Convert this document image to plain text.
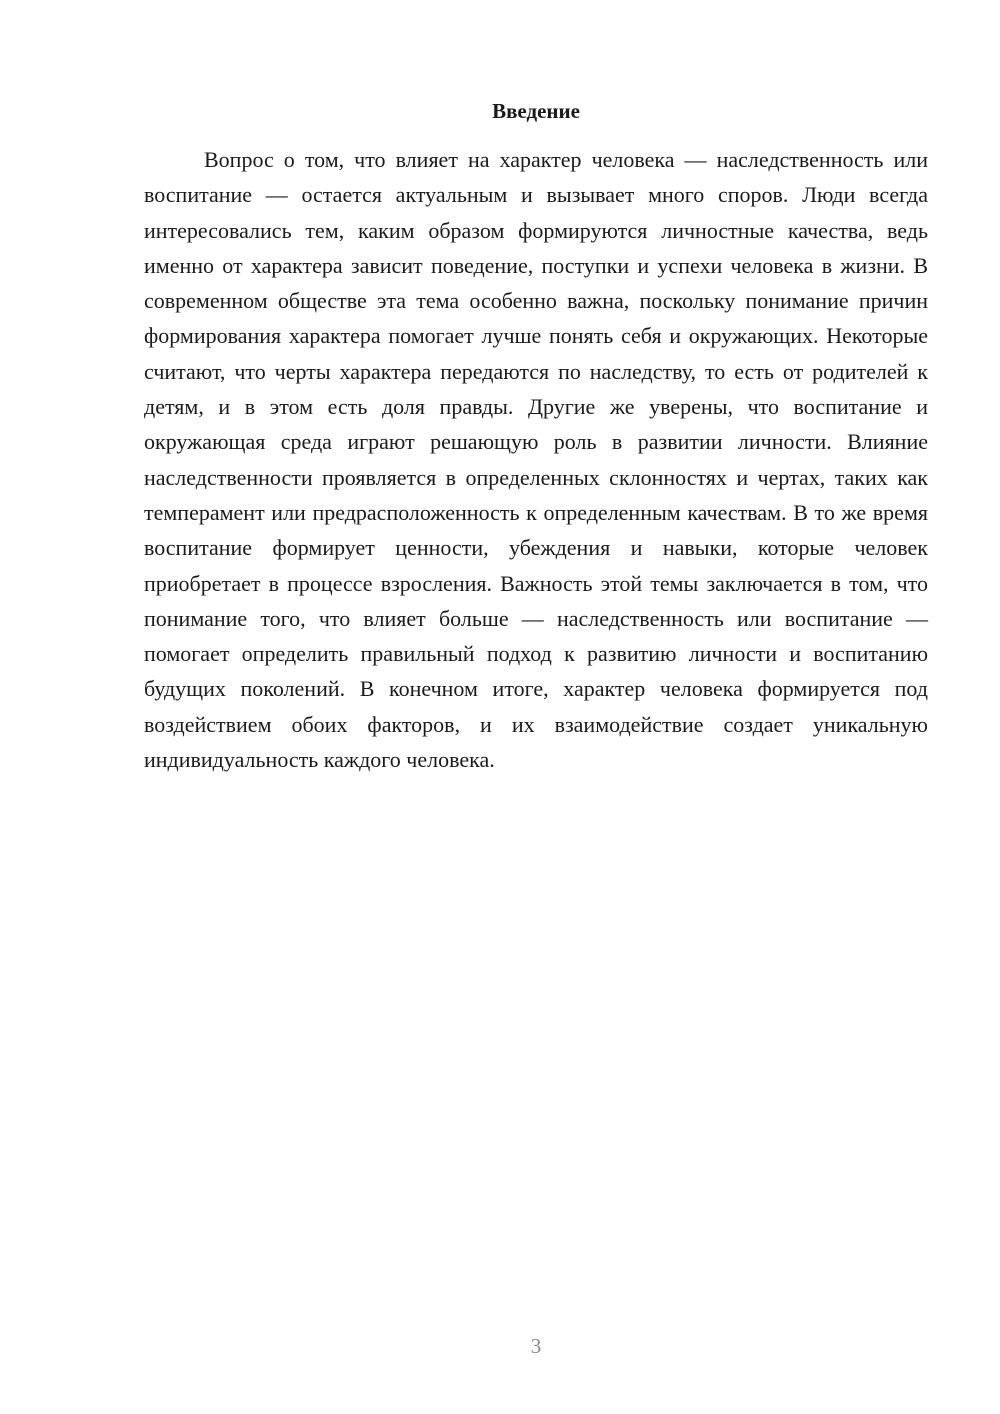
Введение

Вопрос о том, что влияет на характер человека — наследственность или воспитание — остается актуальным и вызывает много споров. Люди всегда интересовались тем, каким образом формируются личностные качества, ведь именно от характера зависит поведение, поступки и успехи человека в жизни. В современном обществе эта тема особенно важна, поскольку понимание причин формирования характера помогает лучше понять себя и окружающих. Некоторые считают, что черты характера передаются по наследству, то есть от родителей к детям, и в этом есть доля правды. Другие же уверены, что воспитание и окружающая среда играют решающую роль в развитии личности. Влияние наследственности проявляется в определенных склонностях и чертах, таких как темперамент или предрасположенность к определенным качествам. В то же время воспитание формирует ценности, убеждения и навыки, которые человек приобретает в процессе взросления. Важность этой темы заключается в том, что понимание того, что влияет больше — наследственность или воспитание — помогает определить правильный подход к развитию личности и воспитанию будущих поколений. В конечном итоге, характер человека формируется под воздействием обоих факторов, и их взаимодействие создает уникальную индивидуальность каждого человека.

3
